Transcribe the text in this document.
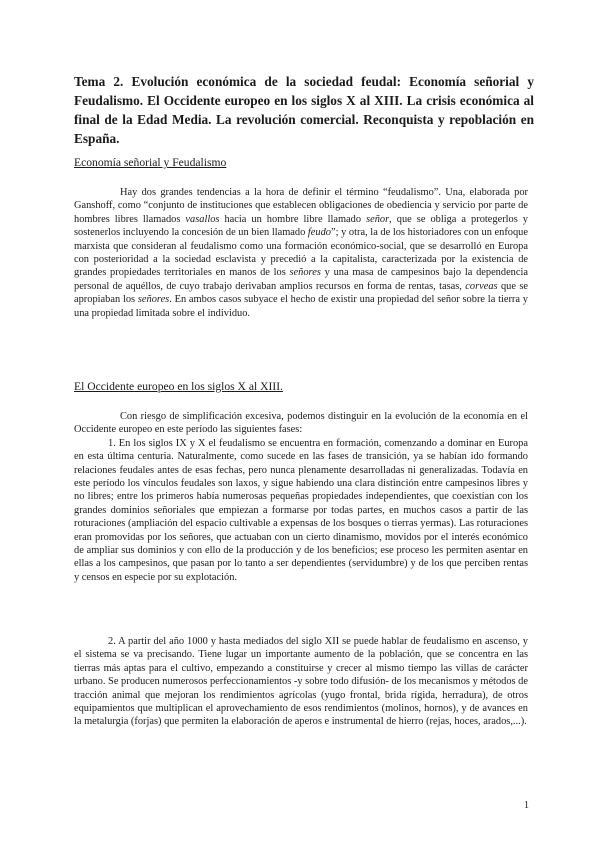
Tema 2. Evolución económica de la sociedad feudal: Economía señorial y Feudalismo. El Occidente europeo en los siglos X al XIII. La crisis económica al final de la Edad Media. La revolución comercial. Reconquista y repoblación en España.
Economía señorial y Feudalismo
Hay dos grandes tendencias a la hora de definir el término “feudalismo”. Una, elaborada por Ganshoff, como “conjunto de instituciones que establecen obligaciones de obediencia y servicio por parte de hombres libres llamados vasallos hacia un hombre libre llamado señor, que se obliga a protegerlos y sostenerlos incluyendo la concesión de un bien llamado feudo”; y otra, la de los historiadores con un enfoque marxista que consideran al feudalismo como una formación económico-social, que se desarrolló en Europa con posterioridad a la sociedad esclavista y precedió a la capitalista, caracterizada por la existencia de grandes propiedades territoriales en manos de los señores y una masa de campesinos bajo la dependencia personal de aquéllos, de cuyo trabajo derivaban amplios recursos en forma de rentas, tasas, corveas que se apropiaban los señores. En ambos casos subyace el hecho de existir una propiedad del señor sobre la tierra y una propiedad limitada sobre el individuo.
El Occidente europeo en los siglos X al XIII.
Con riesgo de simplificación excesiva, podemos distinguir en la evolución de la economía en el Occidente europeo en este período las siguientes fases:
1. En los siglos IX y X el feudalismo se encuentra en formación, comenzando a dominar en Europa en esta última centuria. Naturalmente, como sucede en las fases de transición, ya se habían ido formando relaciones feudales antes de esas fechas, pero nunca plenamente desarrolladas ni generalizadas. Todavía en este período los vínculos feudales son laxos, y sigue habiendo una clara distinción entre campesinos libres y no libres; entre los primeros había numerosas pequeñas propiedades independientes, que coexistían con los grandes dominios señoriales que empiezan a formarse por todas partes, en muchos casos a partir de las roturaciones (ampliación del espacio cultivable a expensas de los bosques o tierras yermas). Las roturaciones eran promovidas por los señores, que actuaban con un cierto dinamismo, movidos por el interés económico de ampliar sus dominios y con ello de la producción y de los beneficios; ese proceso les permiten asentar en ellas a los campesinos, que pasan por lo tanto a ser dependientes (servidumbre) y de los que perciben rentas y censos en especie por su explotación.
2. A partir del año 1000 y hasta mediados del siglo XII se puede hablar de feudalismo en ascenso, y el sistema se va precisando. Tiene lugar un importante aumento de la población, que se concentra en las tierras más aptas para el cultivo, empezando a constituirse y crecer al mismo tiempo las villas de carácter urbano. Se producen numerosos perfeccionamientos -y sobre todo difusión- de los mecanismos y métodos de tracción animal que mejoran los rendimientos agrícolas (yugo frontal, brida rígida, herradura), de otros equipamientos que multiplican el aprovechamiento de esos rendimientos (molinos, hornos), y de avances en la metalurgia (forjas) que permiten la elaboración de aperos e instrumental de hierro (rejas, hoces, arados,...).
1
